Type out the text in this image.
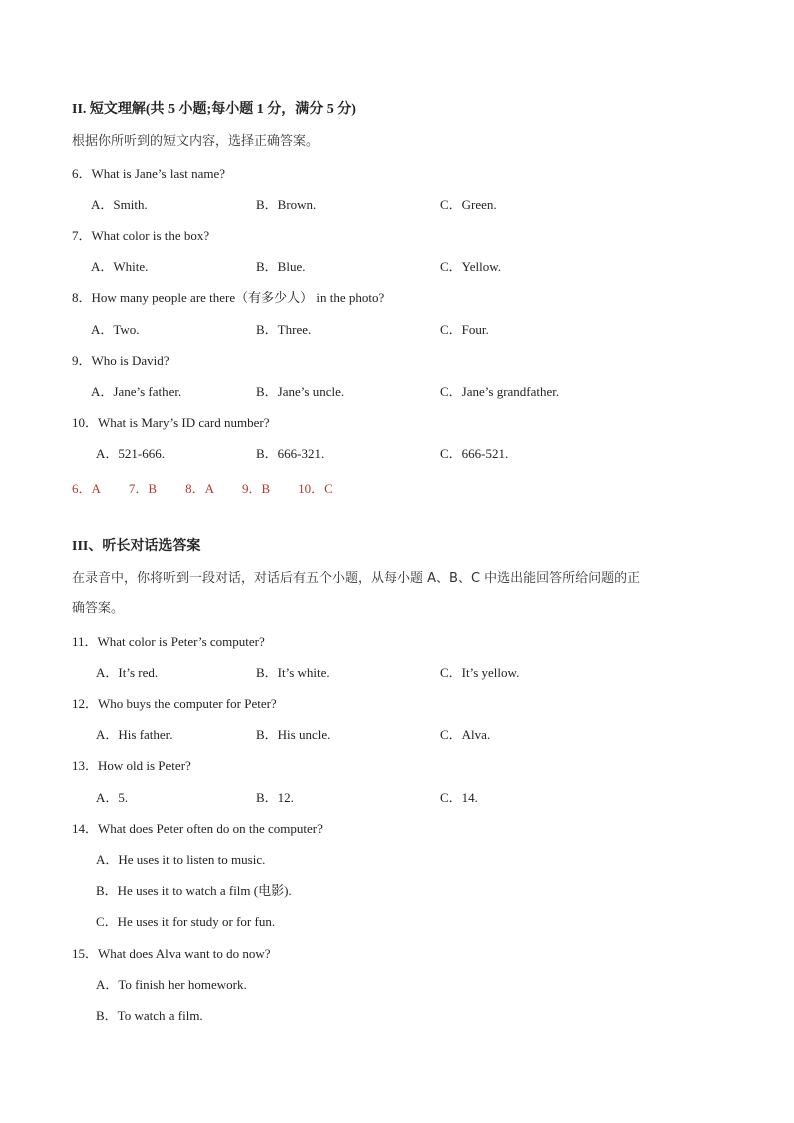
II. 短文理解(共 5 小题;每小题 1 分，满分 5 分)
根据你所听到的短文内容，选择正确答案。
6．What is Jane’s last name?
A．Smith.	B．Brown.	C．Green.
7．What color is the box?
A．White.	B．Blue.	C．Yellow.
8．How many people are there（有多少人） in the photo?
A．Two.	B．Three.	C．Four.
9．Who is David?
A．Jane’s father.	B．Jane’s uncle.	C．Jane’s grandfather.
10．What is Mary’s ID card number?
A．521-666.	B．666-321.	C．666-521.
6．A 7．B 8．A 9．B 10．C
III、听长对话选答案
在录音中，你将听到一段对话，对话后有五个小题，从每小题 A、B、C 中选出能回答所给问题的正
确答案。
11．What color is Peter’s computer?
A．It’s red.	B．It’s white.	C．It’s yellow.
12．Who buys the computer for Peter?
A．His father.	B．His uncle.	C．Alva.
13．How old is Peter?
A．5.	B．12.	C．14.
14．What does Peter often do on the computer?
A．He uses it to listen to music.
B．He uses it to watch a film (电影).
C．He uses it for study or for fun.
15．What does Alva want to do now?
A．To finish her homework.
B．To watch a film.
